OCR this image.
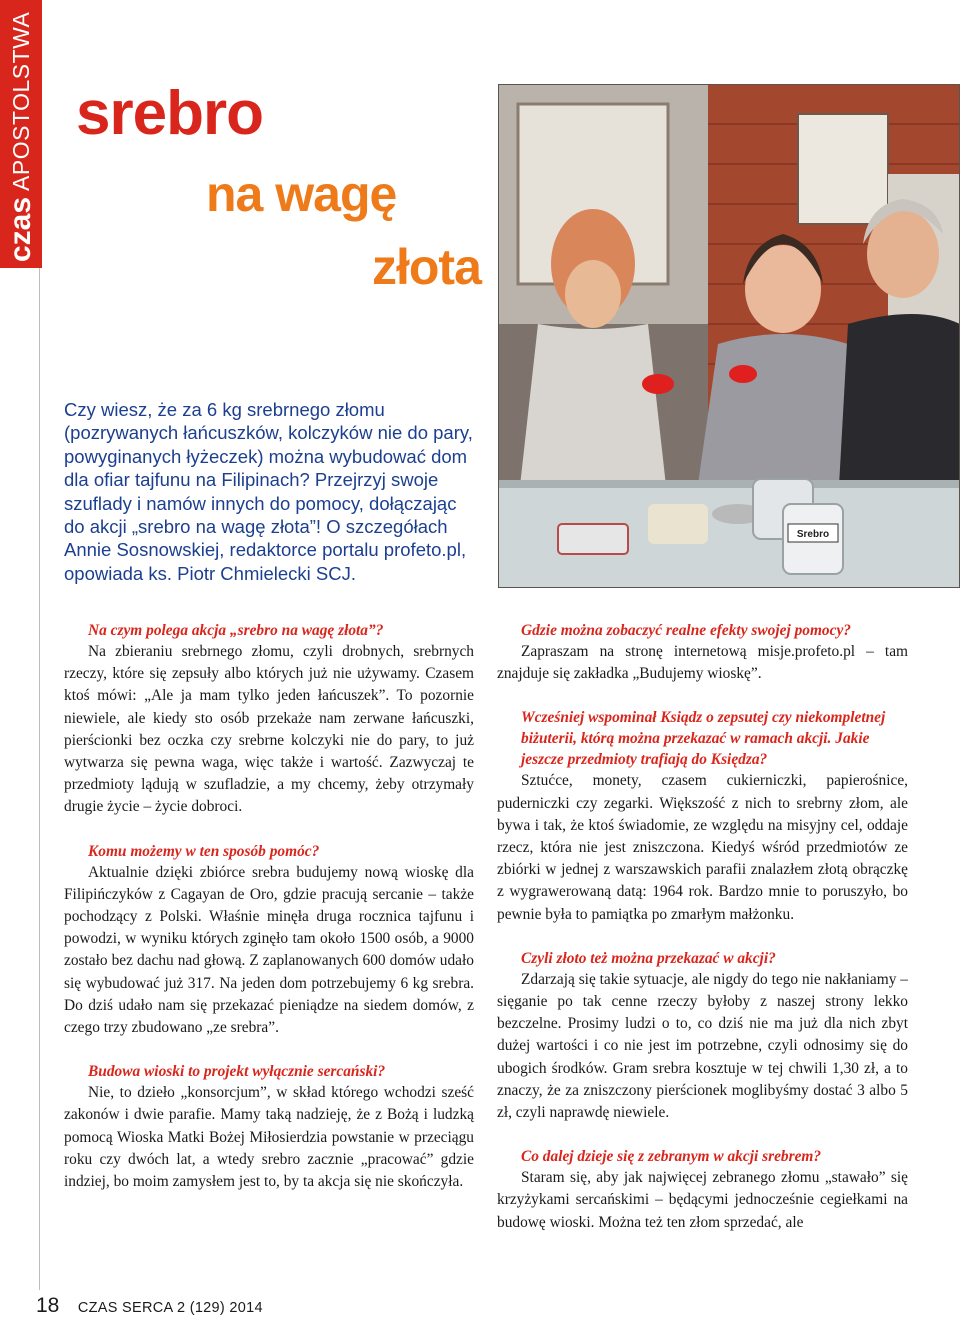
czas
APOSTOLSTWA srebro
na wagę
złota

Czy wiesz, że za 6 kg srebrnego złomu (pozrywanych łańcuszków, kolczyków nie do pary, powyginanych łyżeczek) można wybudować dom dla ofiar tajfunu na Filipinach? Przejrzyj swoje szuflady i namów innych do pomocy, dołączając do akcji „srebro na wagę złota”! O szczegółach Annie Sosnowskiej, redaktorce portalu profeto.pl, opowiada ks. Piotr Chmielecki SCJ.

Srebro

Na czym polega akcja „srebro na wagę złota”?

Na zbieraniu srebrnego złomu, czyli drobnych, srebrnych rzeczy, które się zepsuły albo których już nie używamy. Czasem ktoś mówi: „Ale ja mam tylko jeden łańcuszek”. To pozornie niewiele, ale kiedy sto osób przekaże nam zerwane łańcuszki, pierścionki bez oczka czy srebrne kolczyki nie do pary, to już wytwarza się pewna waga, więc także i wartość. Zazwyczaj te przedmioty lądują w szufladzie, a my chcemy, żeby otrzymały drugie życie – życie dobroci.

Komu możemy w ten sposób pomóc?

Aktualnie dzięki zbiórce srebra budujemy nową wioskę dla Filipińczyków z Cagayan de Oro, gdzie pracują sercanie – także pochodzący z Polski. Właśnie minęła druga rocznica tajfunu i powodzi, w wyniku których zginęło tam około 1500 osób, a 9000 zostało bez dachu nad głową. Z zaplanowanych 600 domów udało się wybudować już 317. Na jeden dom potrzebujemy 6 kg srebra. Do dziś udało nam się przekazać pieniądze na siedem domów, z czego trzy zbudowano „ze srebra”.

Budowa wioski to projekt wyłącznie sercański?

Nie, to dzieło „konsorcjum”, w skład którego wchodzi sześć zakonów i dwie parafie. Mamy taką nadzieję, że z Bożą i ludzką pomocą Wioska Matki Bożej Miłosierdzia powstanie w przeciągu roku czy dwóch lat, a wtedy srebro zacznie „pracować” gdzie indziej, bo moim zamysłem jest to, by ta akcja się nie skończyła.

Gdzie można zobaczyć realne efekty swojej pomocy?

Zapraszam na stronę internetową misje.profeto.pl – tam znajduje się zakładka „Budujemy wioskę”.

Wcześniej wspominał Ksiądz o zepsutej czy niekompletnej biżuterii, którą można przekazać w ramach akcji. Jakie jeszcze przedmioty trafiają do Księdza?

Sztućce, monety, czasem cukierniczki, papierośnice, puderniczki czy zegarki. Większość z nich to srebrny złom, ale bywa i tak, że ktoś świadomie, ze względu na misyjny cel, oddaje rzecz, która nie jest zniszczona. Kiedyś wśród przedmiotów ze zbiórki w jednej z warszawskich parafii znalazłem złotą obrączkę z wygrawerowaną datą: 1964 rok. Bardzo mnie to poruszyło, bo pewnie była to pamiątka po zmarłym małżonku.

Czyli złoto też można przekazać w akcji?

Zdarzają się takie sytuacje, ale nigdy do tego nie nakłaniamy – sięganie po tak cenne rzeczy byłoby z naszej strony lekko bezczelne. Prosimy ludzi o to, co dziś nie ma już dla nich zbyt dużej wartości i co nie jest im potrzebne, czyli odnosimy się do ubogich środków. Gram srebra kosztuje w tej chwili 1,30 zł, a to znaczy, że za zniszczony pierścionek moglibyśmy dostać 3 albo 5 zł, czyli naprawdę niewiele.

Co dalej dzieje się z zebranym w akcji srebrem?

Staram się, aby jak najwięcej zebranego złomu „stawało” się krzyżykami sercańskimi – będącymi jednocześnie cegiełkami na budowę wioski. Można też ten złom sprzedać, ale

18 CZAS SERCA 2 (129) 2014
